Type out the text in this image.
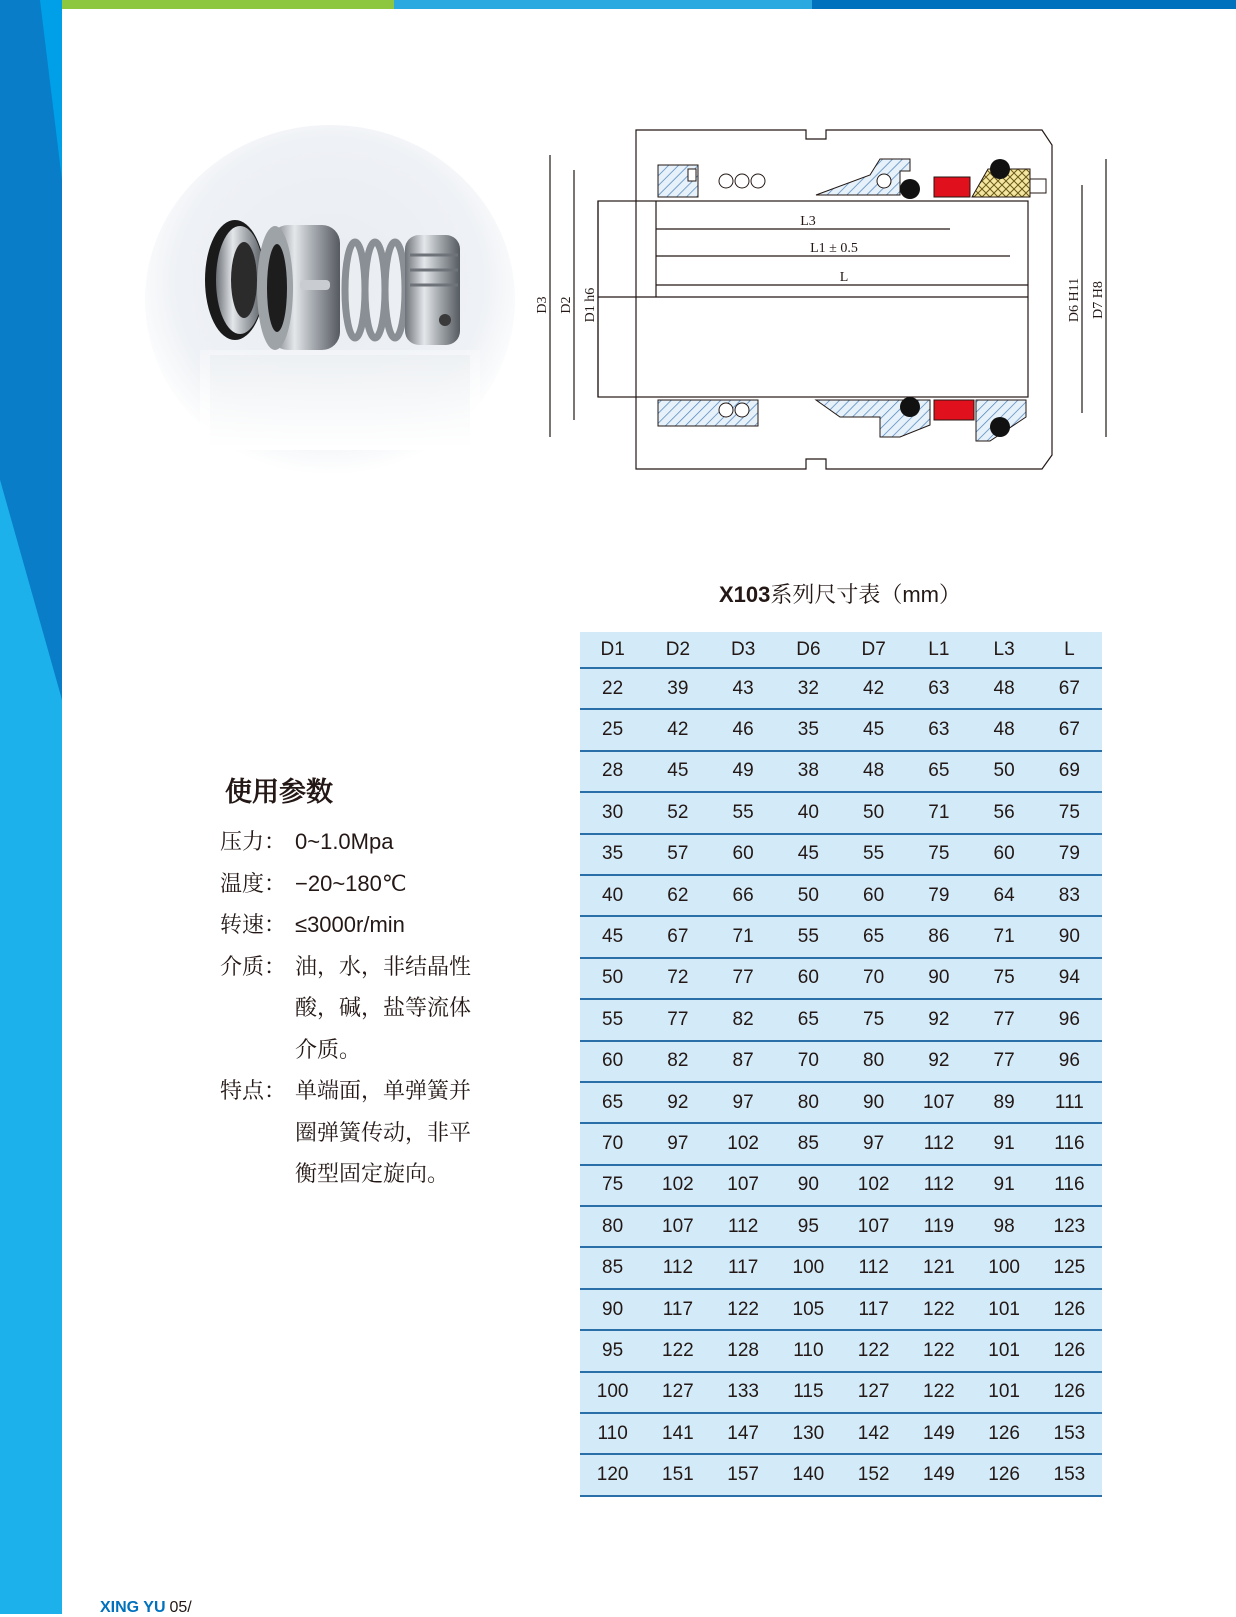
D3 D2 D1 h6
L3
L1 ± 0.5
L
D6 H11 D7 H8
X103系列尺寸表（mm）
D1	D2	D3	D6	D7	L1	L3	L
22	39	43	32	42	63	48	67
25	42	46	35	45	63	48	67
28	45	49	38	48	65	50	69
30	52	55	40	50	71	56	75
35	57	60	45	55	75	60	79
40	62	66	50	60	79	64	83
45	67	71	55	65	86	71	90
50	72	77	60	70	90	75	94
55	77	82	65	75	92	77	96
60	82	87	70	80	92	77	96
65	92	97	80	90	107	89	111
70	97	102	85	97	112	91	116
75	102	107	90	102	112	91	116
80	107	112	95	107	119	98	123
85	112	117	100	112	121	100	125
90	117	122	105	117	122	101	126
95	122	128	110	122	122	101	126
100	127	133	115	127	122	101	126
110	141	147	130	142	149	126	153
120	151	157	140	152	149	126	153
使用参数
压力： 0~1.0Mpa
温度： −20~180℃
转速： ≤3000r/min
介质： 油，水，非结晶性酸，碱，盐等流体介质。
特点： 单端面，单弹簧并圈弹簧传动，非平衡型固定旋向。
XING YU 05/
